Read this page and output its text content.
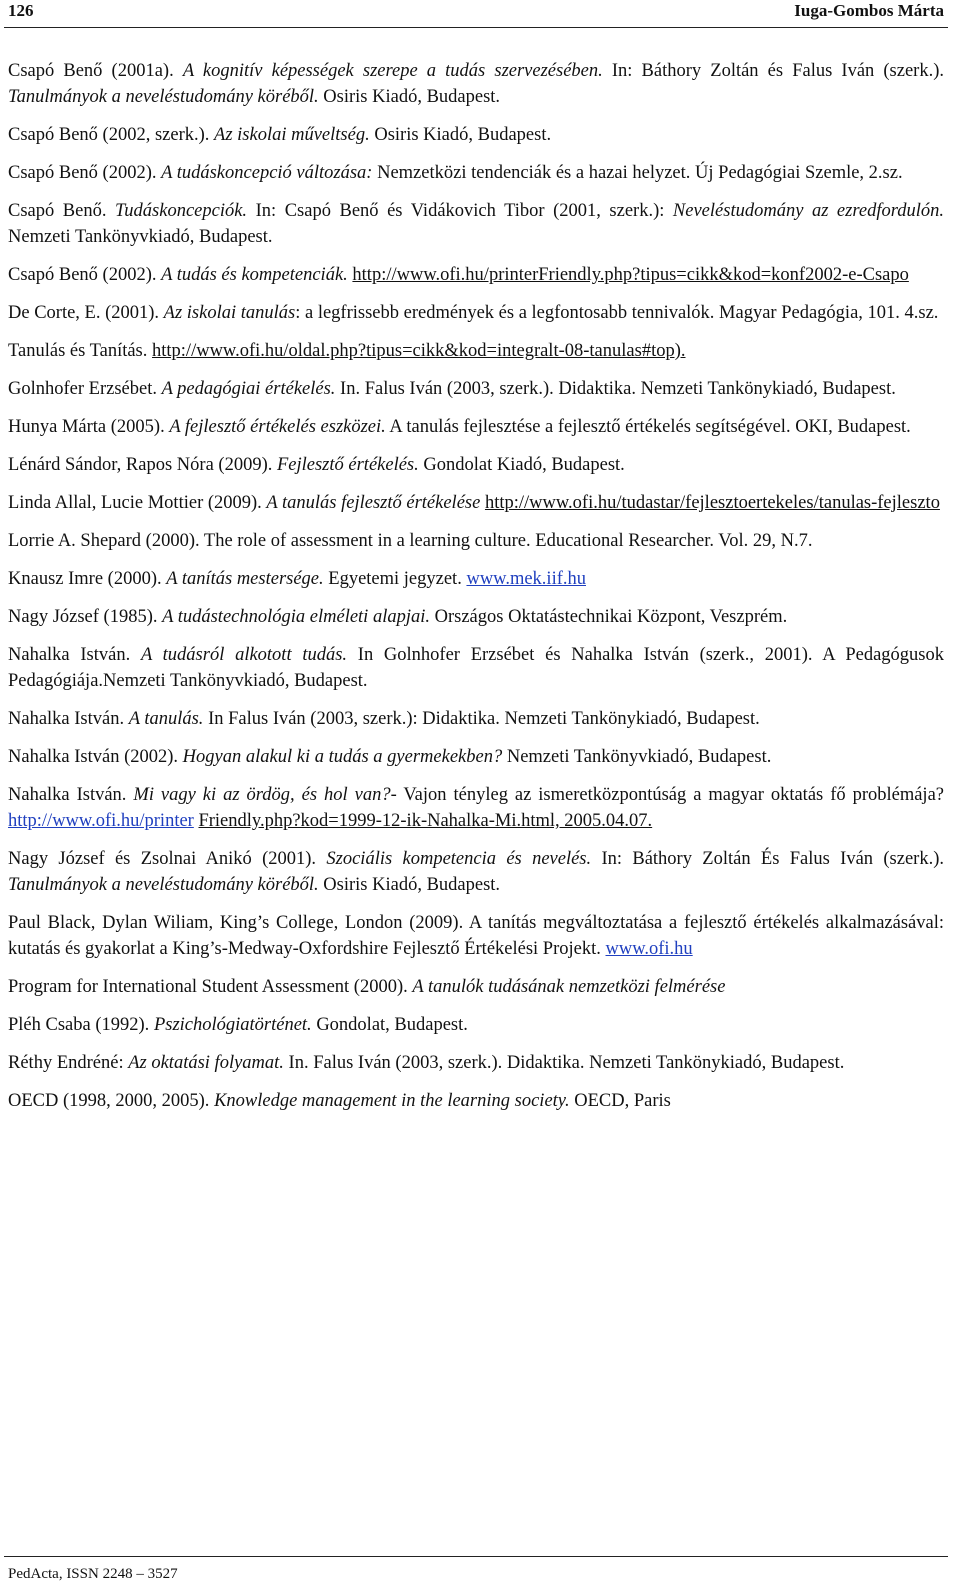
126	Iuga-Gombos Márta

Csapó Benő (2001a). A kognitív képességek szerepe a tudás szervezésében. In: Báthory Zoltán és Falus Iván (szerk.). Tanulmányok a neveléstudomány köréből. Osiris Kiadó, Budapest.

Csapó Benő (2002, szerk.). Az iskolai műveltség. Osiris Kiadó, Budapest.

Csapó Benő (2002). A tudáskoncepció változása: Nemzetközi tendenciák és a hazai helyzet. Új Pedagógiai Szemle, 2.sz.

Csapó Benő. Tudáskoncepciók. In: Csapó Benő és Vidákovich Tibor (2001, szerk.): Neveléstudomány az ezredfordulón. Nemzeti Tankönyvkiadó, Budapest.

Csapó Benő (2002). A tudás és kompetenciák. http://www.ofi.hu/printerFriendly.php?tipus=cikk&kod=konf2002-e-Csapo

De Corte, E. (2001). Az iskolai tanulás: a legfrissebb eredmények és a legfontosabb tennivalók. Magyar Pedagógia, 101. 4.sz.

Tanulás és Tanítás. http://www.ofi.hu/oldal.php?tipus=cikk&kod=integralt-08-tanulas#top).

Golnhofer Erzsébet. A pedagógiai értékelés. In. Falus Iván (2003, szerk.). Didaktika. Nemzeti Tankönykiadó, Budapest.

Hunya Márta (2005). A fejlesztő értékelés eszközei. A tanulás fejlesztése a fejlesztő értékelés segítségével. OKI, Budapest.

Lénárd Sándor, Rapos Nóra (2009). Fejlesztő értékelés. Gondolat Kiadó, Budapest.

Linda Allal, Lucie Mottier (2009). A tanulás fejlesztő értékelése http://www.ofi.hu/tudastar/fejlesztoertekeles/tanulas-fejleszto

Lorrie A. Shepard (2000). The role of assessment in a learning culture. Educational Researcher. Vol. 29, N.7.

Knausz Imre (2000). A tanítás mestersége. Egyetemi jegyzet. www.mek.iif.hu

Nagy József (1985). A tudástechnológia elméleti alapjai. Országos Oktatástechnikai Központ, Veszprém.

Nahalka István. A tudásról alkotott tudás. In Golnhofer Erzsébet és Nahalka István (szerk., 2001). A Pedagógusok Pedagógiája.Nemzeti Tankönyvkiadó, Budapest.

Nahalka István. A tanulás. In Falus Iván (2003, szerk.): Didaktika. Nemzeti Tankönykiadó, Budapest.

Nahalka István (2002). Hogyan alakul ki a tudás a gyermekekben? Nemzeti Tankönyvkiadó, Budapest.

Nahalka István. Mi vagy ki az ördög, és hol van?- Vajon tényleg az ismeretközpontúság a magyar oktatás fő problémája? http://www.ofi.hu/printer Friendly.php?kod=1999-12-ik-Nahalka-Mi.html, 2005.04.07.

Nagy József és Zsolnai Anikó (2001). Szociális kompetencia és nevelés. In: Báthory Zoltán És Falus Iván (szerk.). Tanulmányok a neveléstudomány köréből. Osiris Kiadó, Budapest.

Paul Black, Dylan Wiliam, King’s College, London (2009). A tanítás megváltoztatása a fejlesztő értékelés alkalmazásával: kutatás és gyakorlat a King’s-Medway-Oxfordshire Fejlesztő Értékelési Projekt. www.ofi.hu

Program for International Student Assessment (2000). A tanulók tudásának nemzetközi felmérése

Pléh Csaba (1992). Pszichológiatörténet. Gondolat, Budapest.

Réthy Endréné: Az oktatási folyamat. In. Falus Iván (2003, szerk.). Didaktika. Nemzeti Tankönykiadó, Budapest.

OECD (1998, 2000, 2005). Knowledge management in the learning society. OECD, Paris

PedActa, ISSN 2248 – 3527
